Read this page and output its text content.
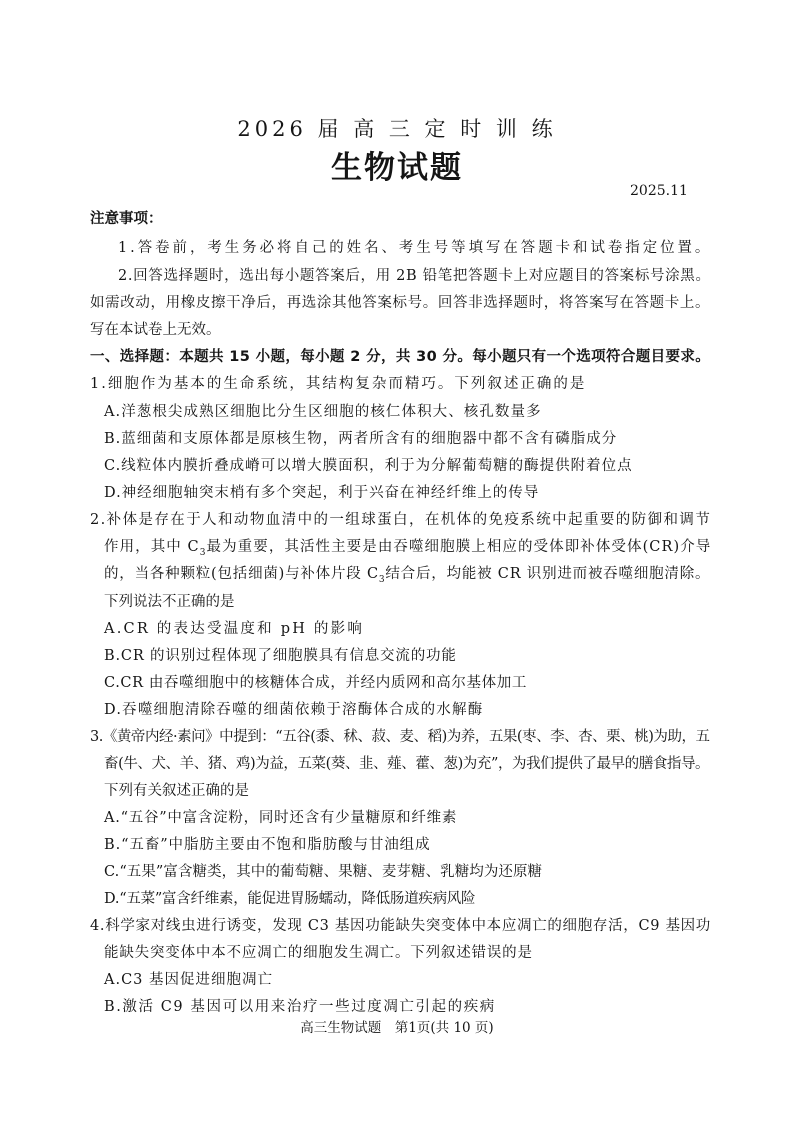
2026 届 高 三 定 时 训 练
生物试题
2025.11
注意事项：
1.答卷前，考生务必将自己的姓名、考生号等填写在答题卡和试卷指定位置。
2.回答选择题时，选出每小题答案后，用 2B 铅笔把答题卡上对应题目的答案标号涂黑。
如需改动，用橡皮擦干净后，再选涂其他答案标号。回答非选择题时，将答案写在答题卡上。
写在本试卷上无效。
一、选择题：本题共 15 小题，每小题 2 分，共 30 分。每小题只有一个选项符合题目要求。
1.细胞作为基本的生命系统，其结构复杂而精巧。下列叙述正确的是
A.洋葱根尖成熟区细胞比分生区细胞的核仁体积大、核孔数量多
B.蓝细菌和支原体都是原核生物，两者所含有的细胞器中都不含有磷脂成分
C.线粒体内膜折叠成嵴可以增大膜面积，利于为分解葡萄糖的酶提供附着位点
D.神经细胞轴突末梢有多个突起，利于兴奋在神经纤维上的传导
2.补体是存在于人和动物血清中的一组球蛋白，在机体的免疫系统中起重要的防御和调节
作用，其中 $C_3$最为重要，其活性主要是由吞噬细胞膜上相应的受体即补体受体(CR)介导
的，当各种颗粒(包括细菌)与补体片段 $C_3$结合后，均能被 CR 识别进而被吞噬细胞清除。
下列说法不正确的是
A.CR 的表达受温度和 pH 的影响
B.CR 的识别过程体现了细胞膜具有信息交流的功能
C.CR 由吞噬细胞中的核糖体合成，并经内质网和高尔基体加工
D.吞噬细胞清除吞噬的细菌依赖于溶酶体合成的水解酶
3.《黄帝内经·素问》中提到：“五谷(黍、秫、菽、麦、稻)为养，五果(枣、李、杏、栗、桃)为助，五
畜(牛、犬、羊、猪、鸡)为益，五菜(葵、韭、薤、藿、葱)为充”，为我们提供了最早的膳食指导。
下列有关叙述正确的是
A.“五谷”中富含淀粉，同时还含有少量糖原和纤维素
B.“五畜”中脂肪主要由不饱和脂肪酸与甘油组成
C.“五果”富含糖类，其中的葡萄糖、果糖、麦芽糖、乳糖均为还原糖
D.“五菜”富含纤维素，能促进胃肠蠕动，降低肠道疾病风险
4.科学家对线虫进行诱变，发现 C3 基因功能缺失突变体中本应凋亡的细胞存活，C9 基因功
能缺失突变体中本不应凋亡的细胞发生凋亡。下列叙述错误的是
A.C3 基因促进细胞凋亡
B.激活 C9 基因可以用来治疗一些过度凋亡引起的疾病
高三生物试题　第1页(共 10 页)
